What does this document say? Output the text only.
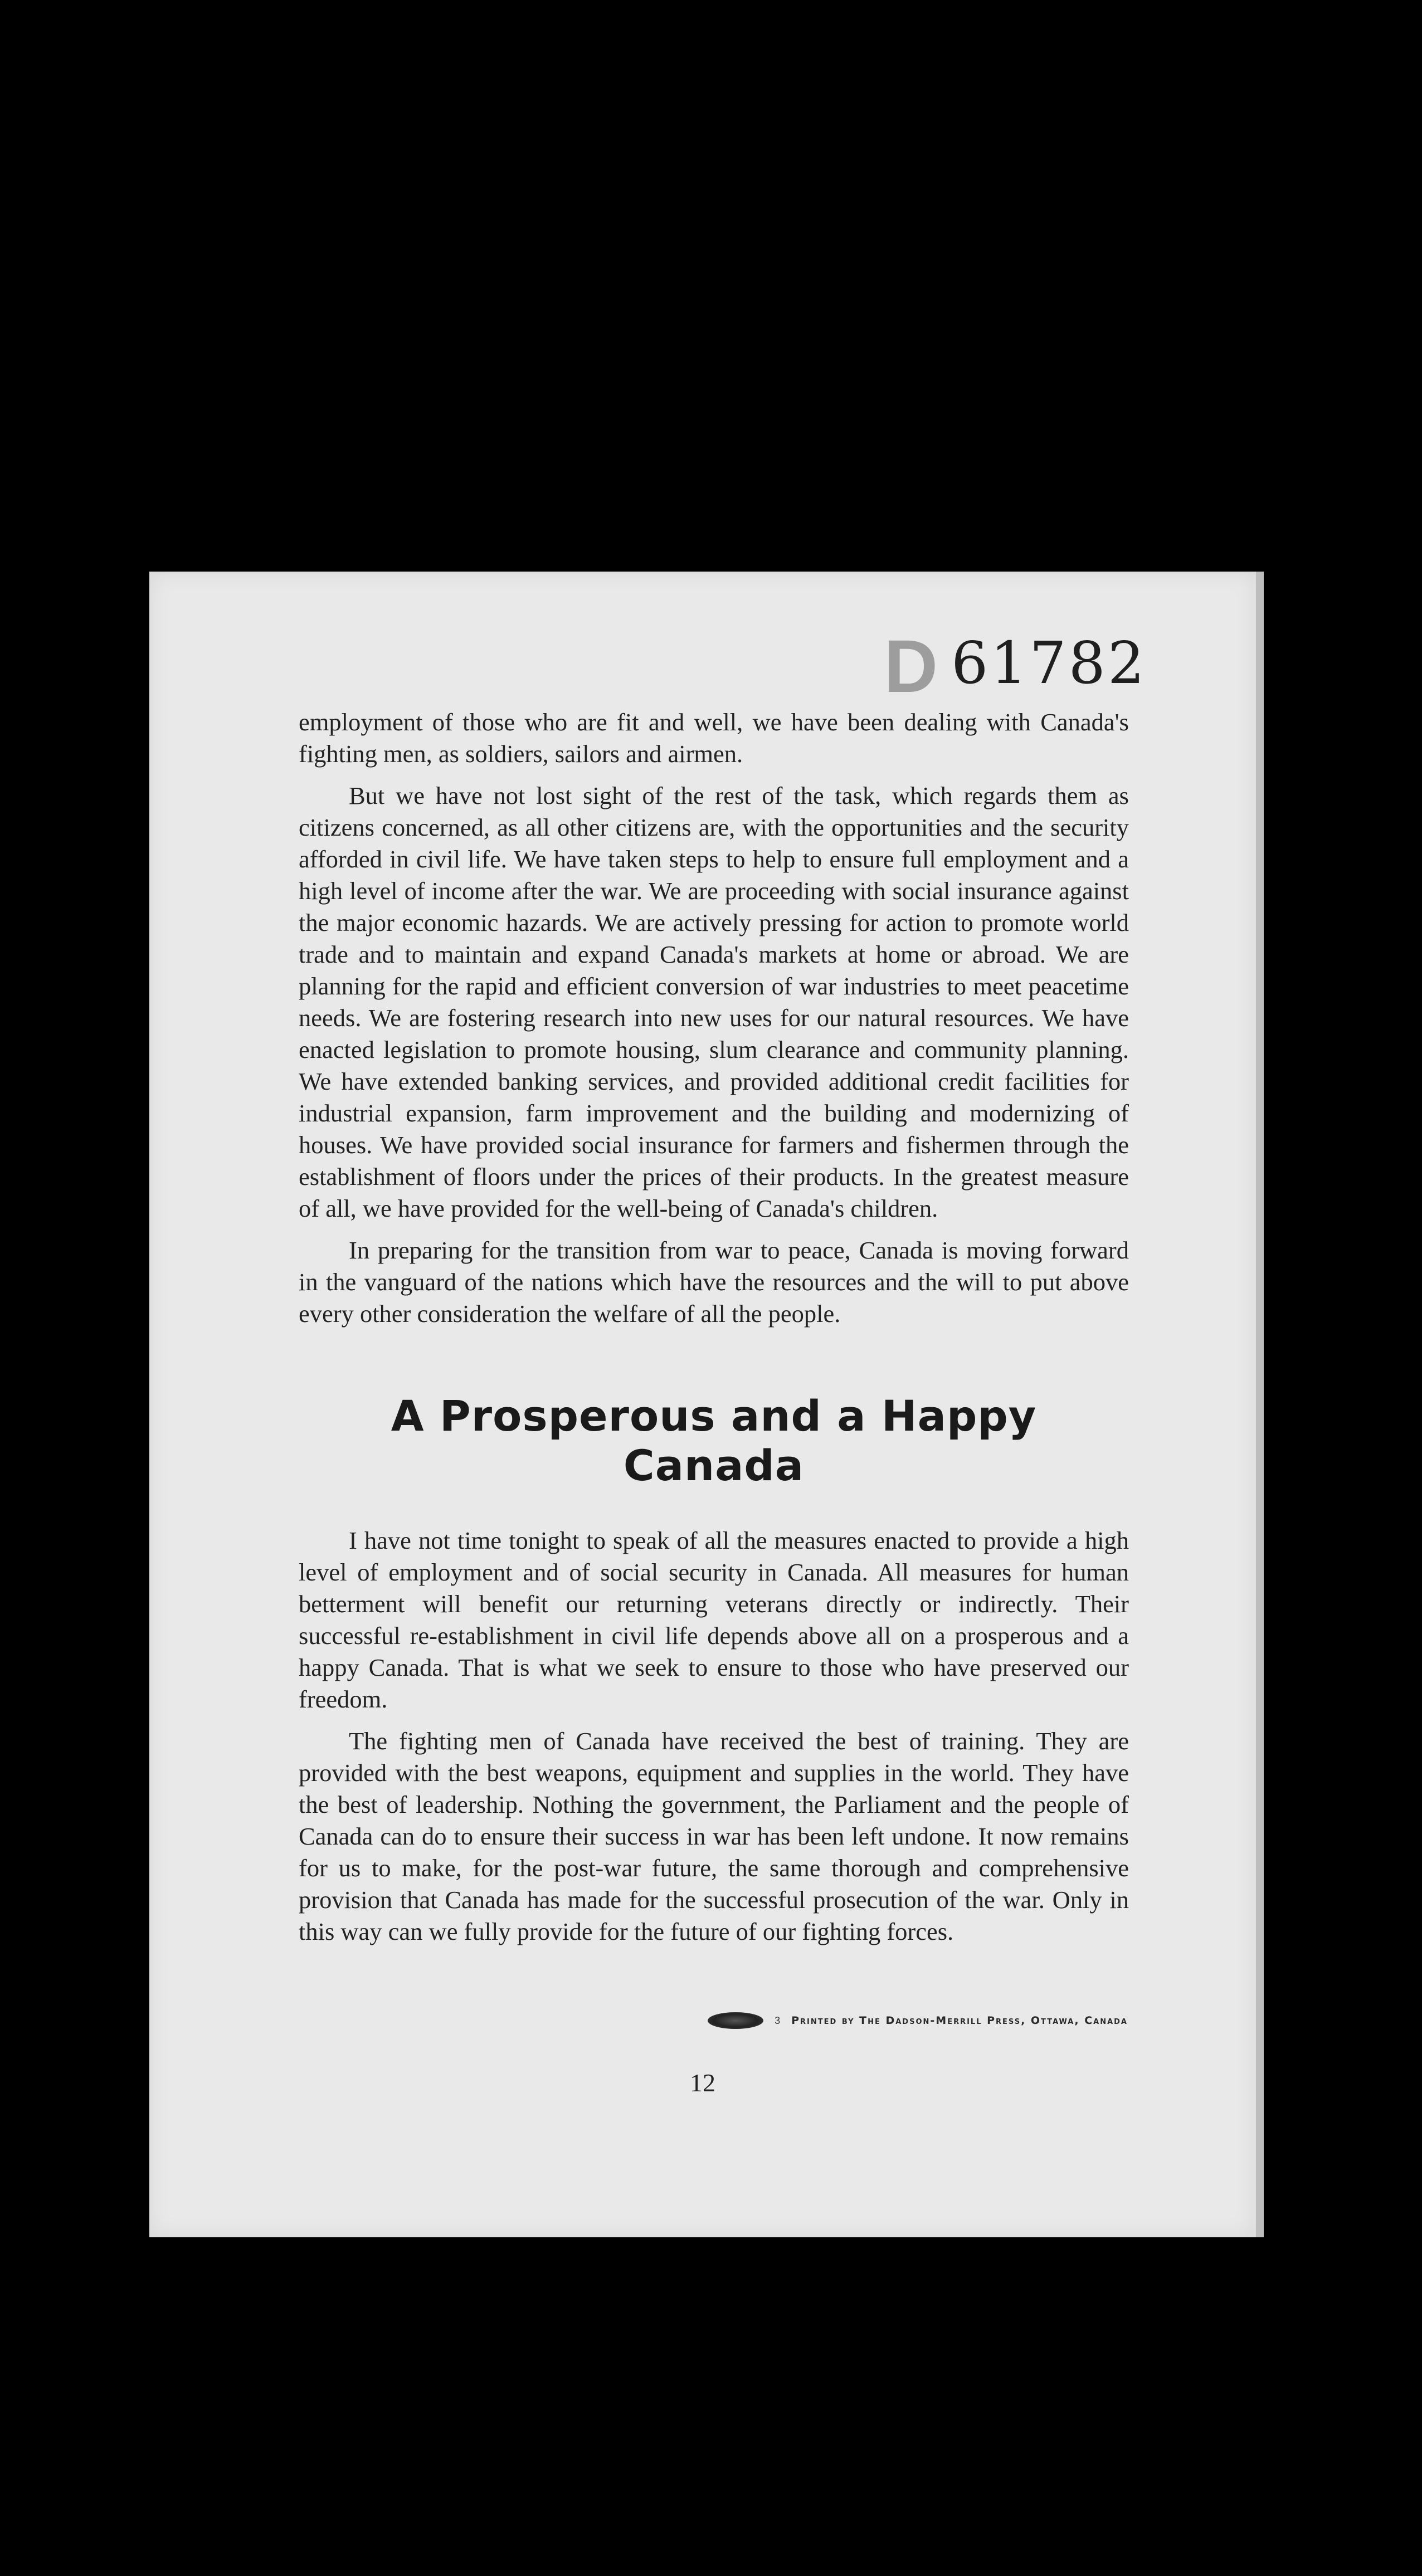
D 61782

employment of those who are fit and well, we have been dealing with Canada's fighting men, as soldiers, sailors and airmen.

But we have not lost sight of the rest of the task, which regards them as citizens concerned, as all other citizens are, with the opportunities and the security afforded in civil life. We have taken steps to help to ensure full employment and a high level of income after the war. We are proceeding with social insurance against the major economic hazards. We are actively pressing for action to promote world trade and to maintain and expand Canada's markets at home or abroad. We are planning for the rapid and efficient conversion of war industries to meet peacetime needs. We are fostering research into new uses for our natural resources. We have enacted legislation to promote housing, slum clearance and community planning. We have extended banking services, and provided additional credit facilities for industrial expansion, farm improvement and the building and modernizing of houses. We have provided social insurance for farmers and fishermen through the establishment of floors under the prices of their products. In the greatest measure of all, we have provided for the well-being of Canada's children.

In preparing for the transition from war to peace, Canada is moving forward in the vanguard of the nations which have the resources and the will to put above every other consideration the welfare of all the people.

A Prosperous and a Happy Canada

I have not time tonight to speak of all the measures enacted to provide a high level of employment and of social security in Canada. All measures for human betterment will benefit our returning veterans directly or indirectly. Their successful re-establishment in civil life depends above all on a prosperous and a happy Canada. That is what we seek to ensure to those who have preserved our freedom.

The fighting men of Canada have received the best of training. They are provided with the best weapons, equipment and supplies in the world. They have the best of leadership. Nothing the government, the Parliament and the people of Canada can do to ensure their success in war has been left undone. It now remains for us to make, for the post-war future, the same thorough and comprehensive provision that Canada has made for the successful prosecution of the war. Only in this way can we fully provide for the future of our fighting forces.

3 Printed by The Dadson-Merrill Press, Ottawa, Canada
12
